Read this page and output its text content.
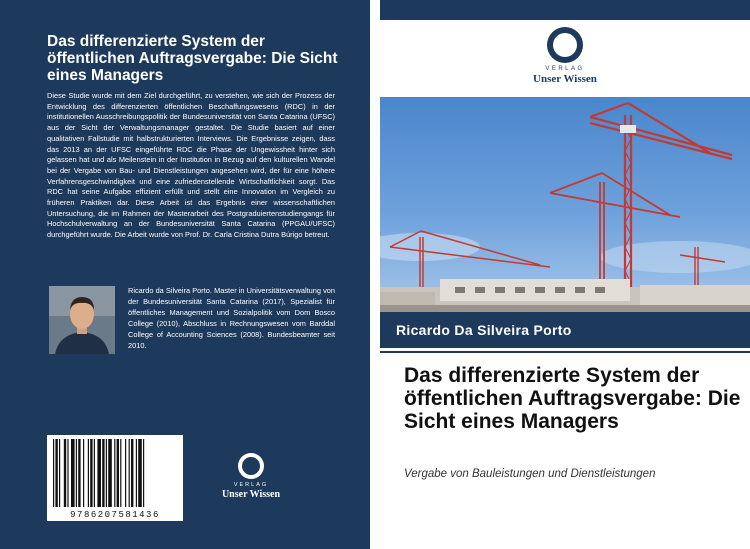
Das differenzierte System der öffentlichen Auftragsvergabe: Die Sicht eines Managers

Diese Studie wurde mit dem Ziel durchgeführt, zu verstehen, wie sich der Prozess der Entwicklung des differenzierten öffentlichen Beschaffungswesens (RDC) in der institutionellen Ausschreibungspolitik der Bundesuniversität von Santa Catarina (UFSC) aus der Sicht der Verwaltungsmanager gestaltet. Die Studie basiert auf einer qualitativen Fallstudie mit halbstrukturierten Interviews. Die Ergebnisse zeigen, dass das 2013 an der UFSC eingeführte RDC die Phase der Ungewissheit hinter sich gelassen hat und als Meilenstein in der Institution in Bezug auf den kulturellen Wandel bei der Vergabe von Bau- und Dienstleistungen angesehen wird, der für eine höhere Verfahrensgeschwindigkeit und eine zufriedenstellende Wirtschaftlichkeit sorgt. Das RDC hat seine Aufgabe effizient erfüllt und stellt eine Innovation im Vergleich zu früheren Praktiken dar. Diese Arbeit ist das Ergebnis einer wissenschaftlichen Untersuchung, die im Rahmen der Masterarbeit des Postgraduiertenstudiengangs für Hochschulverwaltung an der Bundesuniversität Santa Catarina (PPGAU/UFSC) durchgeführt wurde. Die Arbeit wurde von Prof. Dr. Carla Cristina Dutra Búrigo betreut.

Ricardo da Silveira Porto. Master in Universitätsverwaltung von der Bundesuniversität Santa Catarina (2017), Spezialist für öffentliches Management und Sozialpolitik vom Dom Bosco College (2010), Abschluss in Rechnungswesen vom Barddal College of Accounting Sciences (2008). Bundesbeamter seit 2010.

9786207581436
VERLAG
Unser Wissen
VERLAG
Unser Wissen
Ricardo Da Silveira Porto
Das differenzierte System der öffentlichen Auftragsvergabe: Die Sicht eines Managers

Vergabe von Bauleistungen und Dienstleistungen
